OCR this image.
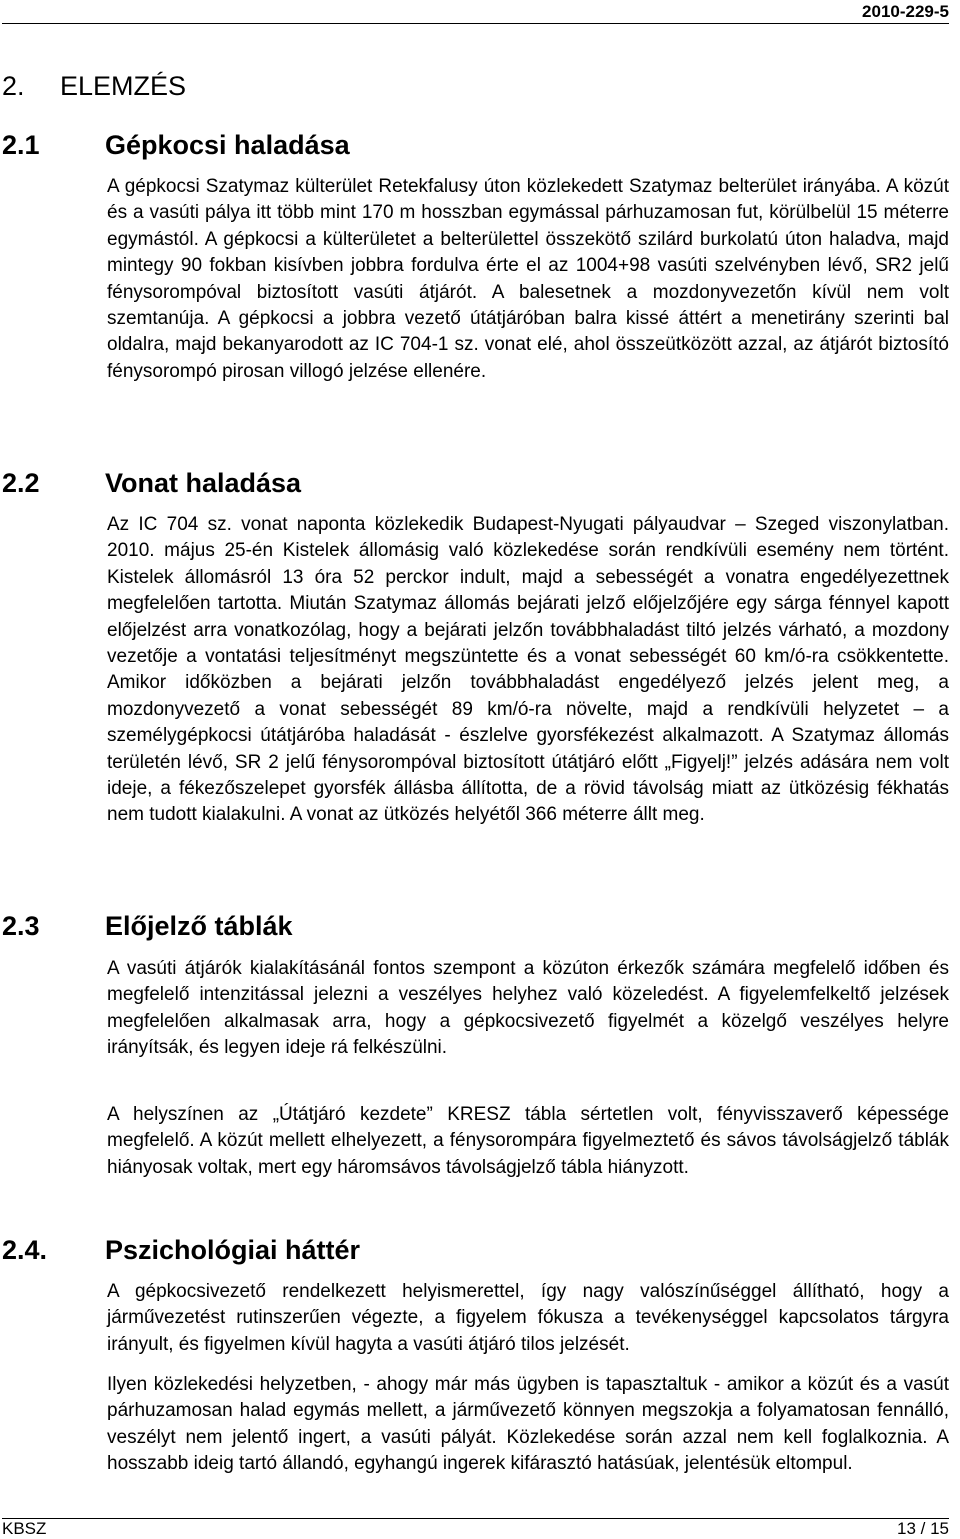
2010-229-5
2. ELEMZÉS
2.1 Gépkocsi haladása

A gépkocsi Szatymaz külterület Retekfalusy úton közlekedett Szatymaz belterület irányába. A közút és a vasúti pálya itt több mint 170 m hosszban egymással párhuzamosan fut, körülbelül 15 méterre egymástól. A gépkocsi a külterületet a belterülettel összekötő szilárd burkolatú úton haladva, majd mintegy 90 fokban kisívben jobbra fordulva érte el az 1004+98 vasúti szelvényben lévő, SR2 jelű fénysorompóval biztosított vasúti átjárót. A balesetnek a mozdonyvezetőn kívül nem volt szemtanúja. A gépkocsi a jobbra vezető útátjáróban balra kissé áttért a menetirány szerinti bal oldalra, majd bekanyarodott az IC 704-1 sz. vonat elé, ahol összeütközött azzal, az átjárót biztosító fénysorompó pirosan villogó jelzése ellenére.

2.2 Vonat haladása

Az IC 704 sz. vonat naponta közlekedik Budapest-Nyugati pályaudvar – Szeged viszonylatban. 2010. május 25-én Kistelek állomásig való közlekedése során rendkívüli esemény nem történt. Kistelek állomásról 13 óra 52 perckor indult, majd a sebességét a vonatra engedélyezettnek megfelelően tartotta. Miután Szatymaz állomás bejárati jelző előjelzőjére egy sárga fénnyel kapott előjelzést arra vonatkozólag, hogy a bejárati jelzőn továbbhaladást tiltó jelzés várható, a mozdony vezetője a vontatási teljesítményt megszüntette és a vonat sebességét 60 km/ó-ra csökkentette. Amikor időközben a bejárati jelzőn továbbhaladást engedélyező jelzés jelent meg, a mozdonyvezető a vonat sebességét 89 km/ó-ra növelte, majd a rendkívüli helyzetet – a személygépkocsi útátjáróba haladását - észlelve gyorsfékezést alkalmazott. A Szatymaz állomás területén lévő, SR 2 jelű fénysorompóval biztosított útátjáró előtt „Figyelj!” jelzés adására nem volt ideje, a fékezőszelepet gyorsfék állásba állította, de a rövid távolság miatt az ütközésig fékhatás nem tudott kialakulni. A vonat az ütközés helyétől 366 méterre állt meg.

2.3 Előjelző táblák

A vasúti átjárók kialakításánál fontos szempont a közúton érkezők számára megfelelő időben és megfelelő intenzitással jelezni a veszélyes helyhez való közeledést. A figyelemfelkeltő jelzések megfelelően alkalmasak arra, hogy a gépkocsivezető figyelmét a közelgő veszélyes helyre irányítsák, és legyen ideje rá felkészülni.

A helyszínen az „Útátjáró kezdete” KRESZ tábla sértetlen volt, fényvisszaverő képessége megfelelő. A közút mellett elhelyezett, a fénysorompára figyelmeztető és sávos távolságjelző táblák hiányosak voltak, mert egy háromsávos távolságjelző tábla hiányzott.

2.4. Pszichológiai háttér

A gépkocsivezető rendelkezett helyismerettel, így nagy valószínűséggel állítható, hogy a járművezetést rutinszerűen végezte, a figyelem fókusza a tevékenységgel kapcsolatos tárgyra irányult, és figyelmen kívül hagyta a vasúti átjáró tilos jelzését.

Ilyen közlekedési helyzetben, - ahogy már más ügyben is tapasztaltuk - amikor a közút és a vasút párhuzamosan halad egymás mellett, a járművezető könnyen megszokja a folyamatosan fennálló, veszélyt nem jelentő ingert, a vasúti pályát. Közlekedése során azzal nem kell foglalkoznia. A hosszabb ideig tartó állandó, egyhangú ingerek kifárasztó hatásúak, jelentésük eltompul.

KBSZ	13 / 15
